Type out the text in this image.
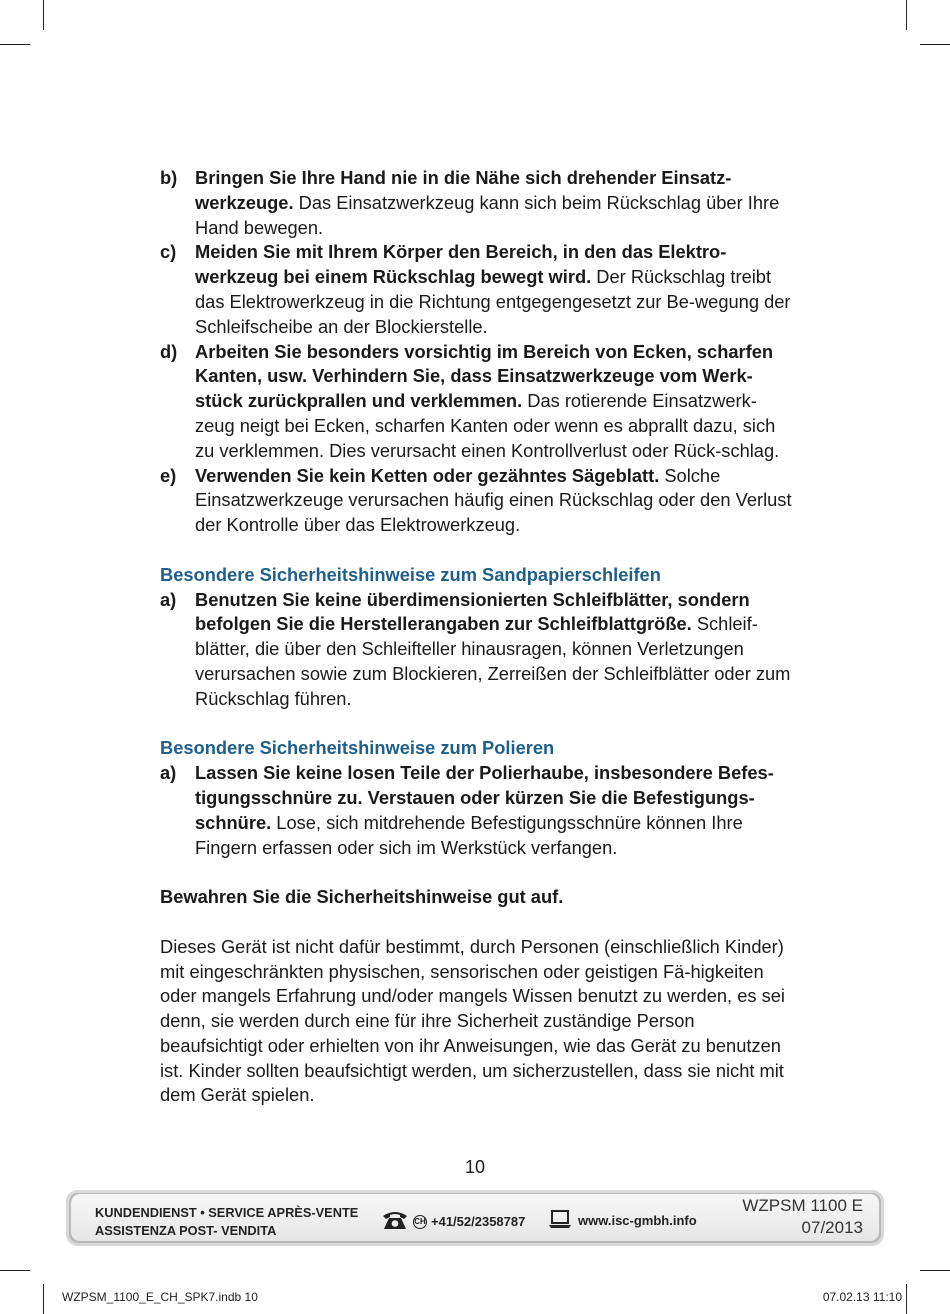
b) Bringen Sie Ihre Hand nie in die Nähe sich drehender Einsatz-werkzeuge. Das Einsatzwerkzeug kann sich beim Rückschlag über Ihre Hand bewegen.
c) Meiden Sie mit Ihrem Körper den Bereich, in den das Elektro-werkzeug bei einem Rückschlag bewegt wird. Der Rückschlag treibt das Elektrowerkzeug in die Richtung entgegengesetzt zur Be-wegung der Schleifscheibe an der Blockierstelle.
d) Arbeiten Sie besonders vorsichtig im Bereich von Ecken, scharfen Kanten, usw. Verhindern Sie, dass Einsatzwerkzeuge vom Werk-stück zurückprallen und verklemmen. Das rotierende Einsatzwerk-zeug neigt bei Ecken, scharfen Kanten oder wenn es abprallt dazu, sich zu verklemmen. Dies verursacht einen Kontrollverlust oder Rück-schlag.
e) Verwenden Sie kein Ketten oder gezähntes Sägeblatt. Solche Einsatzwerkzeuge verursachen häufig einen Rückschlag oder den Verlust der Kontrolle über das Elektrowerkzeug.
Besondere Sicherheitshinweise zum Sandpapierschleifen
a) Benutzen Sie keine überdimensionierten Schleifblätter, sondern befolgen Sie die Herstellerangaben zur Schleifblattgröße. Schleif-blätter, die über den Schleifteller hinausragen, können Verletzungen verursachen sowie zum Blockieren, Zerreißen der Schleifblätter oder zum Rückschlag führen.
Besondere Sicherheitshinweise zum Polieren
a) Lassen Sie keine losen Teile der Polierhaube, insbesondere Befes-tigungsschnüre zu. Verstauen oder kürzen Sie die Befestigungs-schnüre. Lose, sich mitdrehende Befestigungsschnüre können Ihre Fingern erfassen oder sich im Werkstück verfangen.
Bewahren Sie die Sicherheitshinweise gut auf.
Dieses Gerät ist nicht dafür bestimmt, durch Personen (einschließlich Kinder) mit eingeschränkten physischen, sensorischen oder geistigen Fä-higkeiten oder mangels Erfahrung und/oder mangels Wissen benutzt zu werden, es sei denn, sie werden durch eine für ihre Sicherheit zuständige Person beaufsichtigt oder erhielten von ihr Anweisungen, wie das Gerät zu benutzen ist. Kinder sollten beaufsichtigt werden, um sicherzustellen, dass sie nicht mit dem Gerät spielen.
10
KUNDENDIENST • SERVICE APRÈS-VENTE
ASSISTENZA POST- VENDITA
CH +41/52/2358787	www.isc-gmbh.info
WZPSM 1100 E
07/2013
WZPSM_1100_E_CH_SPK7.indb 10	07.02.13 11:10
